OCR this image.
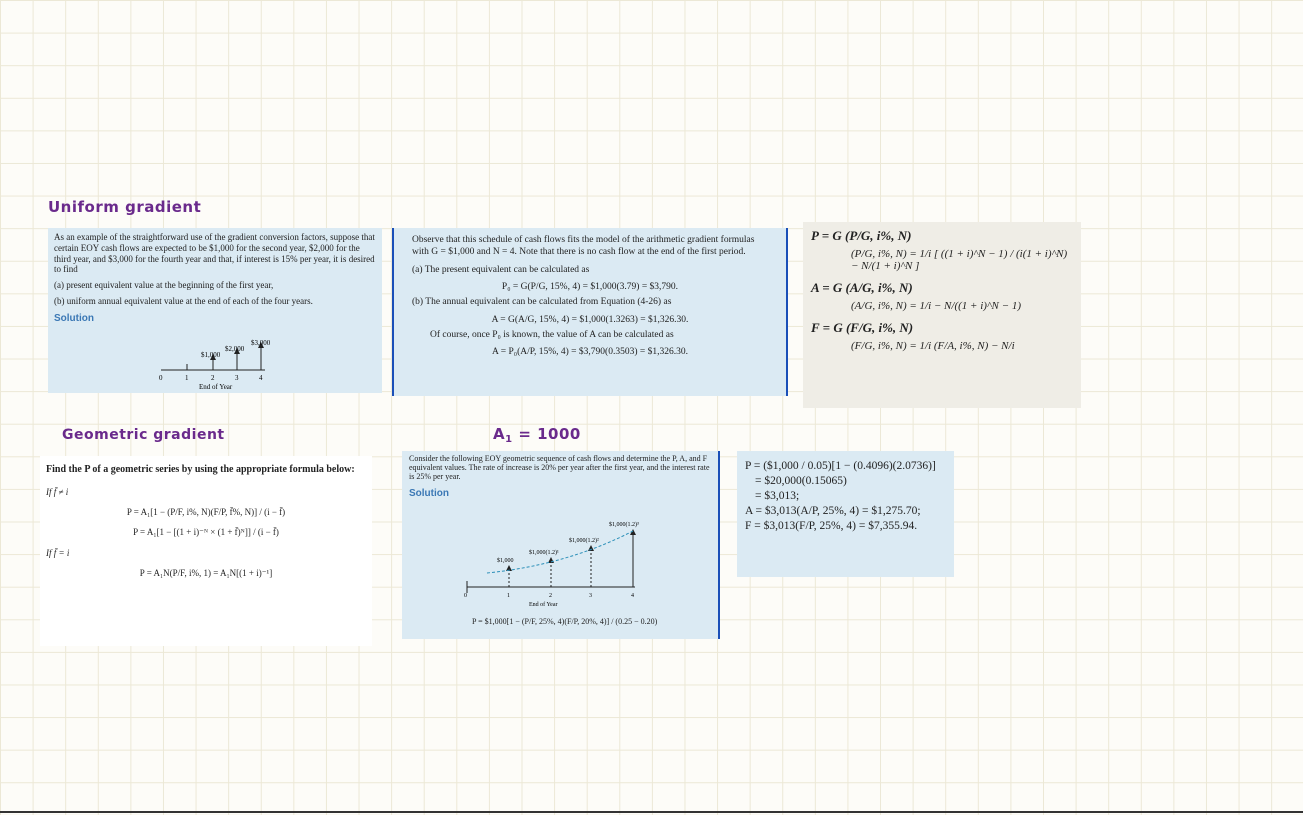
Uniform gradient
Geometric gradient	$A_1 = 1000$

As an example of the straightforward use of the gradient conversion factors, suppose that certain EOY cash flows are expected to be $1,000 for the second year, $2,000 for the third year, and $3,000 for the fourth year and that, if interest is 15% per year, it is desired to find

(a) present equivalent value at the beginning of the first year,

(b) uniform annual equivalent value at the end of each of the four years.

Solution
$1,000
$2,000
$3,000
0	1	2	3	4
End of Year

Observe that this schedule of cash flows fits the model of the arithmetic gradient formulas with G = $1,000 and N = 4. Note that there is no cash flow at the end of the first period.

(a) The present equivalent can be calculated as

P₀ = G(P/G, 15%, 4) = $1,000(3.79) = $3,790.

(b) The annual equivalent can be calculated from Equation (4-26) as

A = G(A/G, 15%, 4) = $1,000(1.3263) = $1,326.30.

Of course, once P₀ is known, the value of A can be calculated as

A = P₀(A/P, 15%, 4) = $3,790(0.3503) = $1,326.30.
P = G (P/G, i%, N)
(P/G, i%, N) = 1/i [ ((1 + i)^N − 1) / (i(1 + i)^N) − N/(1 + i)^N ]
A = G (A/G, i%, N)
(A/G, i%, N) = 1/i − N/((1 + i)^N − 1)
F = G (F/G, i%, N)
(F/G, i%, N) = 1/i (F/A, i%, N) − N/i
Find the P of a geometric series by using the appropriate formula below:
If f̄ ≠ i
P = A₁[1 − (P/F, i%, N)(F/P, f̄%, N)] / (i − f̄)
P = A₁[1 − [(1 + i)⁻ᴺ × (1 + f̄)ᴺ]] / (i − f̄)
If f̄ = i
P = A₁N(P/F, i%, 1) = A₁N[(1 + i)⁻¹]

Consider the following EOY geometric sequence of cash flows and determine the P, A, and F equivalent values. The rate of increase is 20% per year after the first year, and the interest rate is 25% per year.

Solution
$1,000
$1,000(1.2)¹
$1,000(1.2)²
$1,000(1.2)³
0	1	2	3	4
End of Year
P = $1,000[1 − (P/F, 25%, 4)(F/P, 20%, 4)] / (0.25 − 0.20)
P = ($1,000 / 0.05)[1 − (0.4096)(2.0736)]
= $20,000(0.15065)
= $3,013;
A = $3,013(A/P, 25%, 4) = $1,275.70;
F = $3,013(F/P, 25%, 4) = $7,355.94.
